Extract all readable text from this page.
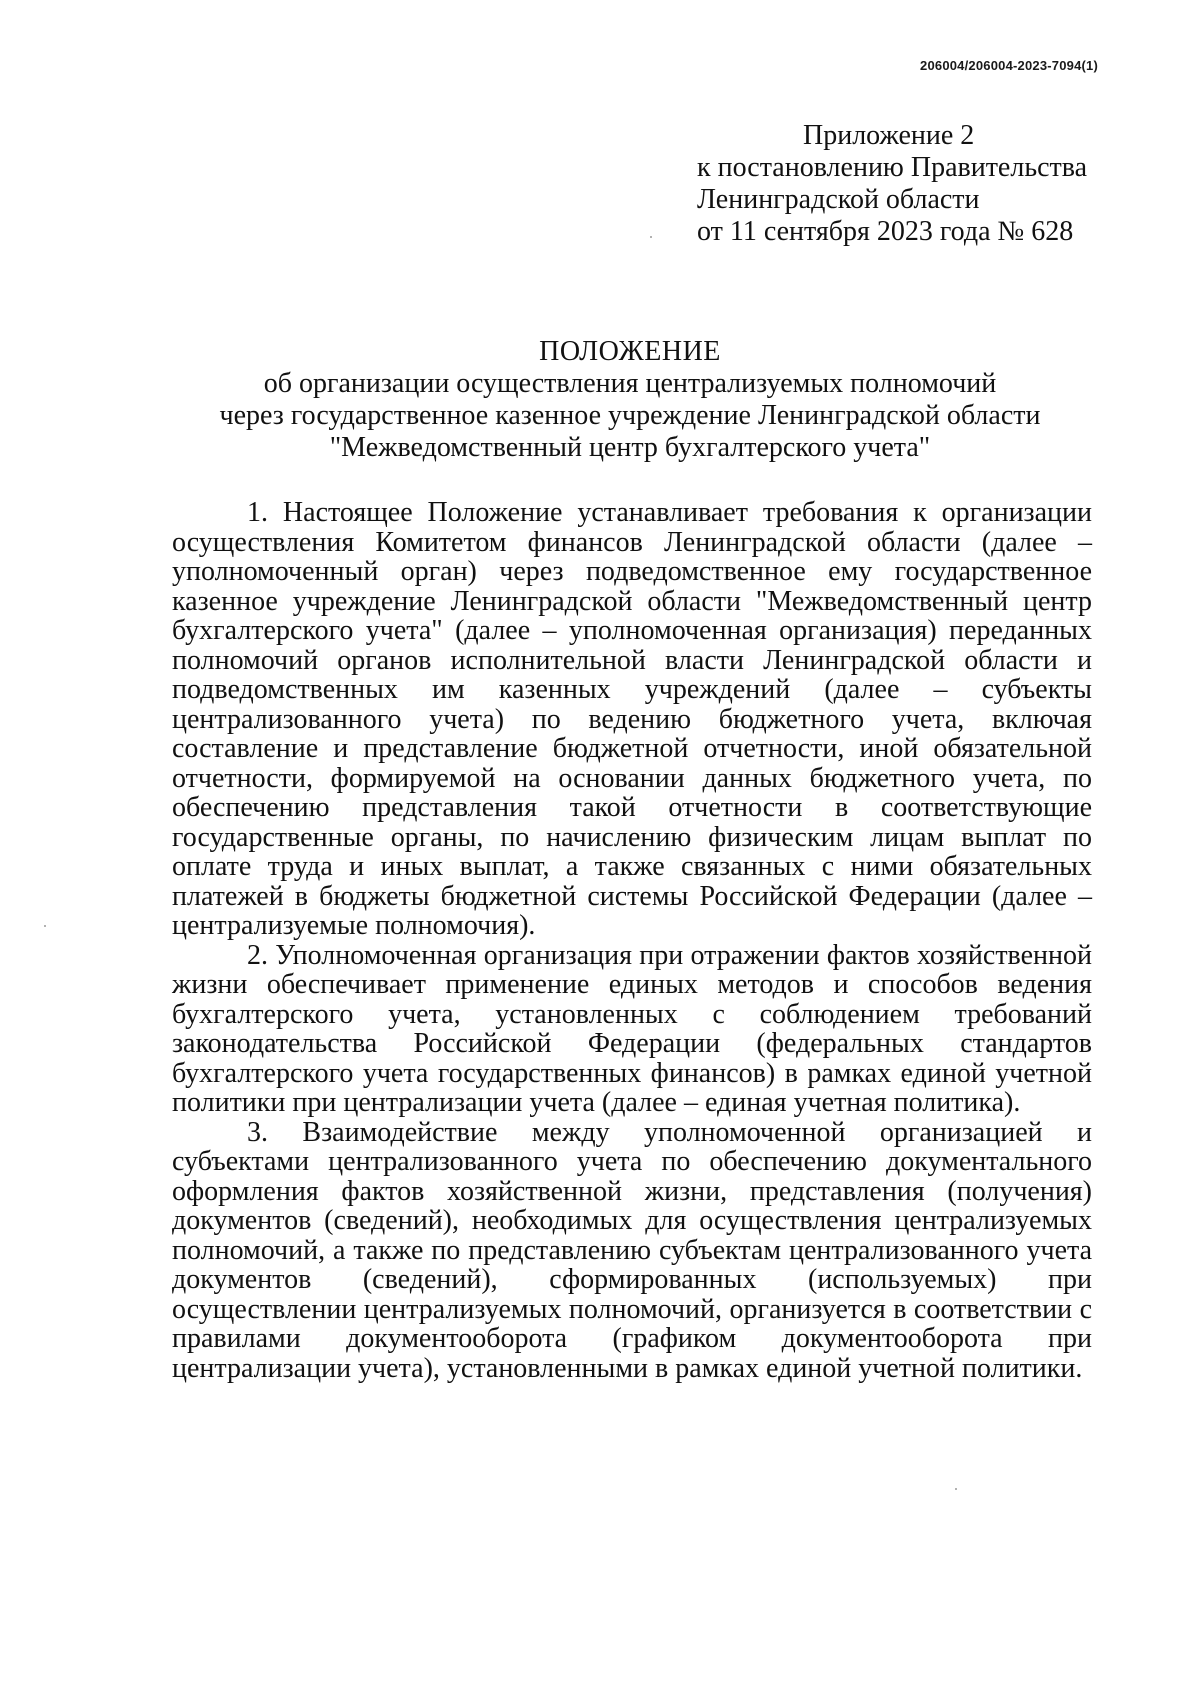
206004/206004-2023-7094(1)
Приложение 2
к постановлению Правительства
Ленинградской области
от 11 сентября 2023 года № 628
ПОЛОЖЕНИЕ
об организации осуществления централизуемых полномочий
через государственное казенное учреждение Ленинградской области
"Межведомственный центр бухгалтерского учета"

1. Настоящее Положение устанавливает требования к организации осуществления Комитетом финансов Ленинградской области (далее – уполномоченный орган) через подведомственное ему государственное казенное учреждение Ленинградской области "Межведомственный центр бухгалтерского учета" (далее – уполномоченная организация) переданных полномочий органов исполнительной власти Ленинградской области и подведомственных им казенных учреждений (далее – субъекты централизованного учета) по ведению бюджетного учета, включая составление и представление бюджетной отчетности, иной обязательной отчетности, формируемой на основании данных бюджетного учета, по обеспечению представления такой отчетности в соответствующие государственные органы, по начислению физическим лицам выплат по оплате труда и иных выплат, а также связанных с ними обязательных платежей в бюджеты бюджетной системы Российской Федерации (далее – централизуемые полномочия).

2. Уполномоченная организация при отражении фактов хозяйственной жизни обеспечивает применение единых методов и способов ведения бухгалтерского учета, установленных с соблюдением требований законодательства Российской Федерации (федеральных стандартов бухгалтерского учета государственных финансов) в рамках единой учетной политики при централизации учета (далее – единая учетная политика).

3. Взаимодействие между уполномоченной организацией и субъектами централизованного учета по обеспечению документального оформления фактов хозяйственной жизни, представления (получения) документов (сведений), необходимых для осуществления централизуемых полномочий, а также по представлению субъектам централизованного учета документов (сведений), сформированных (используемых) при осуществлении централизуемых полномочий, организуется в соответствии с правилами документооборота (графиком документооборота при централизации учета), установленными в рамках единой учетной политики.
